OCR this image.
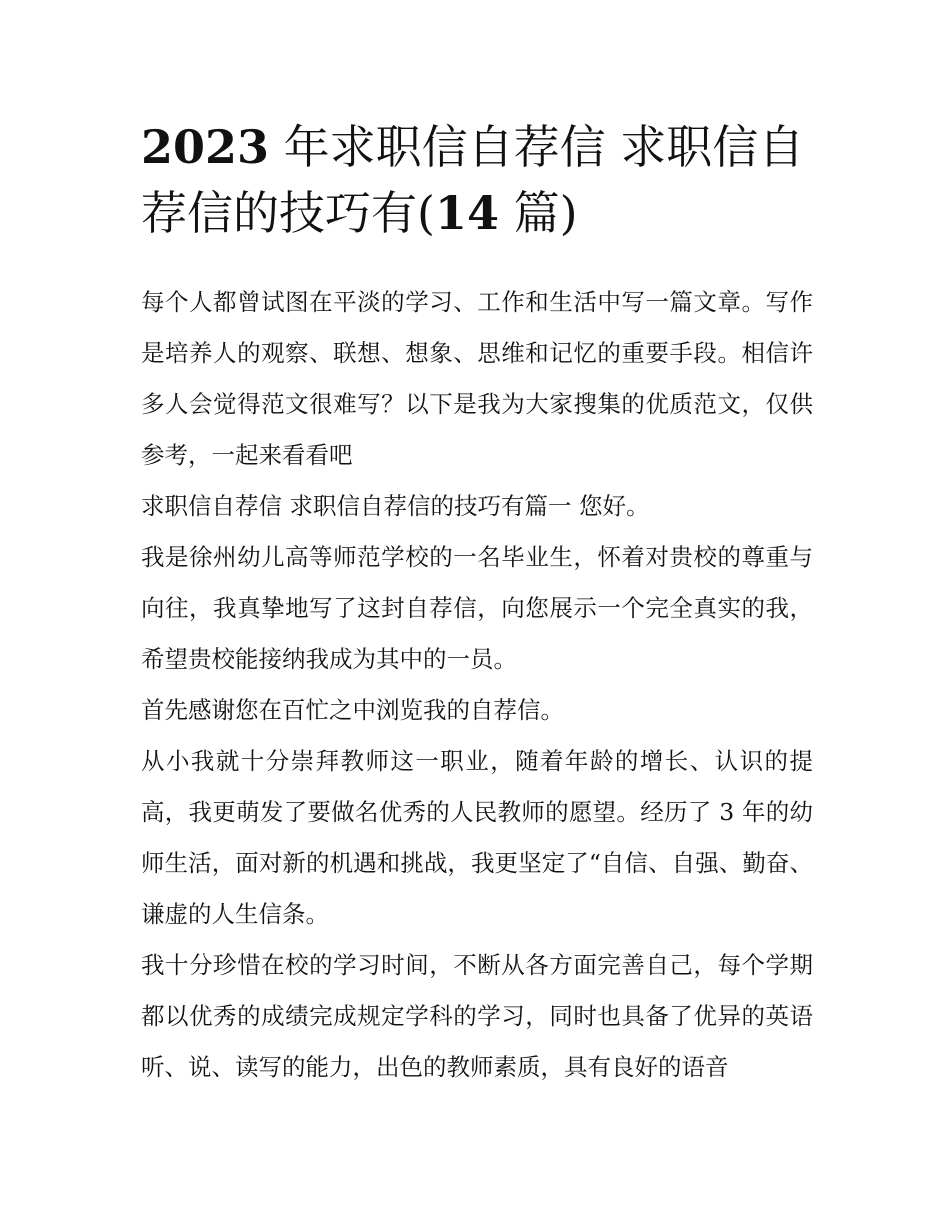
2023 年求职信自荐信 求职信自荐信的技巧有(14 篇)

每个人都曾试图在平淡的学习、工作和生活中写一篇文章。写作是培养人的观察、联想、想象、思维和记忆的重要手段。相信许多人会觉得范文很难写？以下是我为大家搜集的优质范文，仅供参考，一起来看看吧

求职信自荐信 求职信自荐信的技巧有篇一 您好。

我是徐州幼儿高等师范学校的一名毕业生，怀着对贵校的尊重与向往，我真挚地写了这封自荐信，向您展示一个完全真实的我，希望贵校能接纳我成为其中的一员。

首先感谢您在百忙之中浏览我的自荐信。

从小我就十分崇拜教师这一职业，随着年龄的增长、认识的提高，我更萌发了要做名优秀的人民教师的愿望。经历了 3 年的幼师生活，面对新的机遇和挑战，我更坚定了“自信、自强、勤奋、谦虚的人生信条。

我十分珍惜在校的学习时间，不断从各方面完善自己，每个学期都以优秀的成绩完成规定学科的学习，同时也具备了优异的英语听、说、读写的能力，出色的教师素质，具有良好的语音
